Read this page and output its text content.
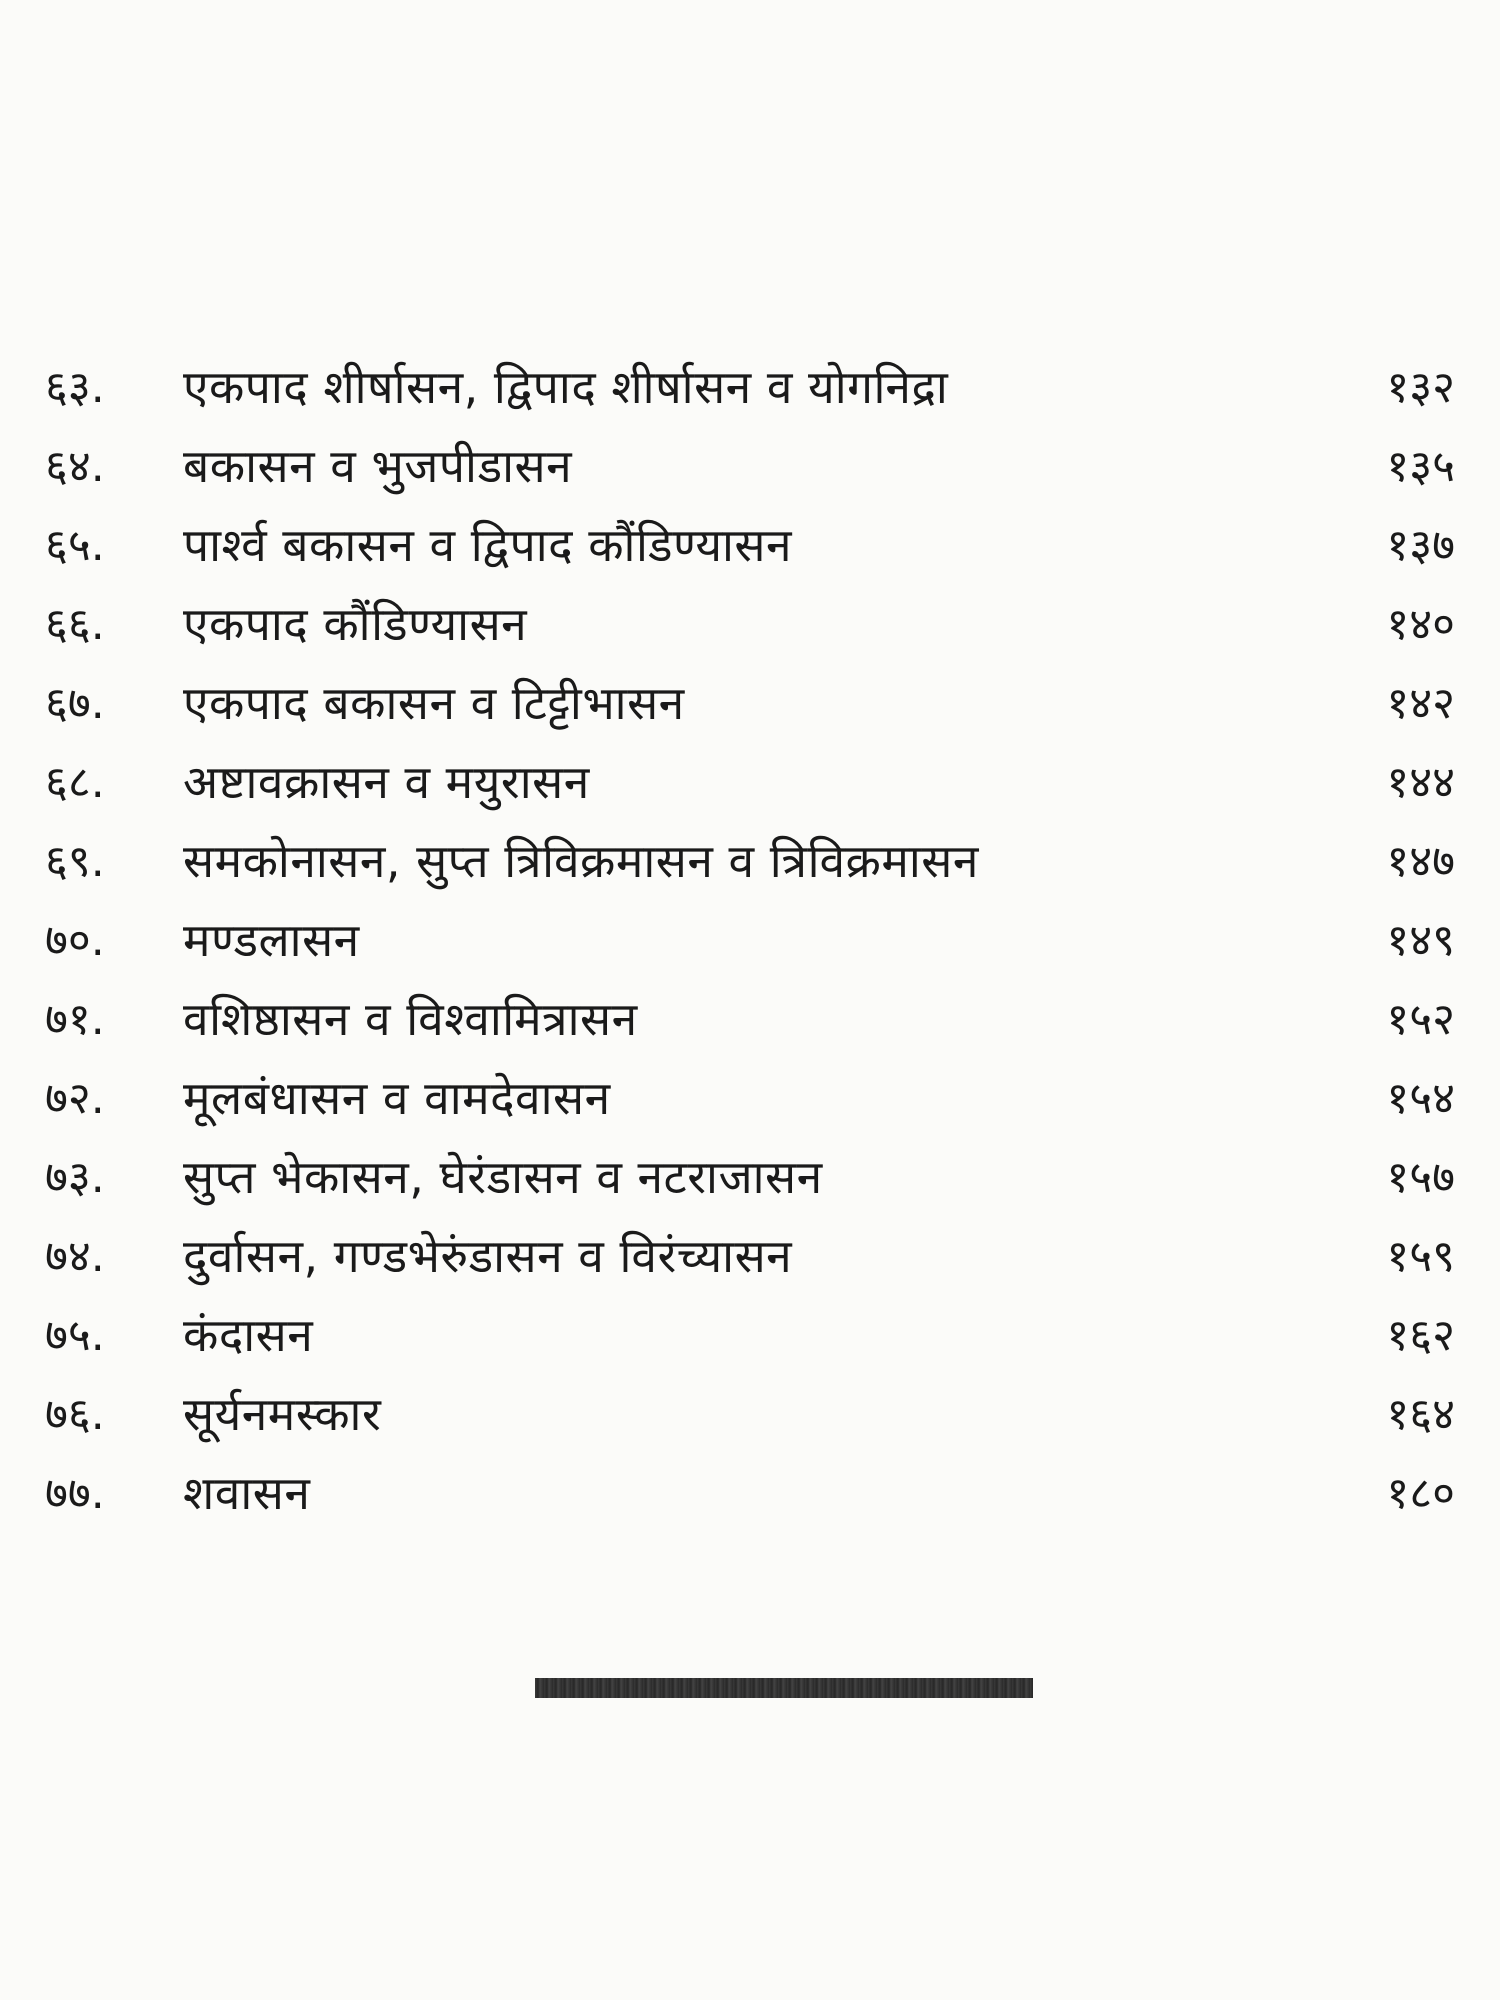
६३. एकपाद शीर्षासन, द्विपाद शीर्षासन व योगनिद्रा	१३२
६४. बकासन व भुजपीडासन	१३५
६५. पार्श्व बकासन व द्विपाद कौंडिण्यासन	१३७
६६. एकपाद कौंडिण्यासन	१४०
६७. एकपाद बकासन व टिट्टीभासन	१४२
६८. अष्टावक्रासन व मयुरासन	१४४
६९. समकोनासन, सुप्त त्रिविक्रमासन व त्रिविक्रमासन	१४७
७०. मण्डलासन	१४९
७१. वशिष्ठासन व विश्वामित्रासन	१५२
७२. मूलबंधासन व वामदेवासन	१५४
७३. सुप्त भेकासन, घेरंडासन व नटराजासन	१५७
७४. दुर्वासन, गण्डभेरुंडासन व विरंच्यासन	१५९
७५. कंदासन	१६२
७६. सूर्यनमस्कार	१६४
७७. शवासन	१८०
